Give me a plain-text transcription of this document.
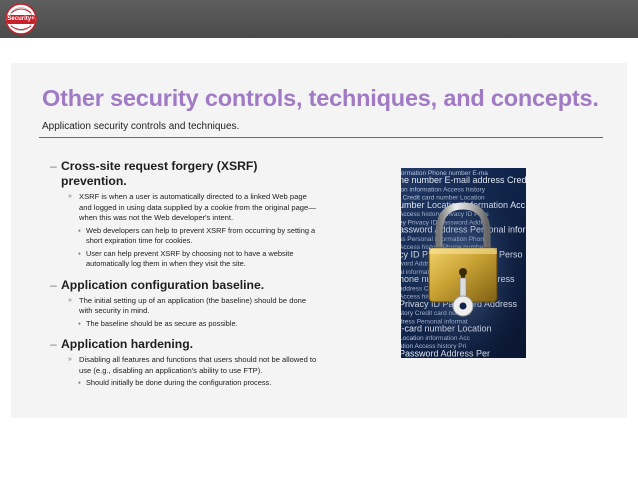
Security+
Other security controls, techniques, and concepts.
Application security controls and techniques.
– Cross-site request forgery (XSRF) prevention.
» XSRF is when a user is automatically directed to a linked Web page and logged in using data supplied by a cookie from the original page—when this was not the Web developer's intent.
▪ Web developers can help to prevent XSRF from occurring by setting a short expiration time for cookies.
▪ User can help prevent XSRF by choosing not to have a website automatically log them in when they visit the site.
– Application configuration baseline.
» The initial setting up of an application (the baseline) should be done with security in mind.
▪ The baseline should be as secure as possible.
– Application hardening.
» Disabling all features and functions that users should not be allowed to use (e.g., disabling an application's ability to use FTP).
▪ Should initially be done during the configuration process.
